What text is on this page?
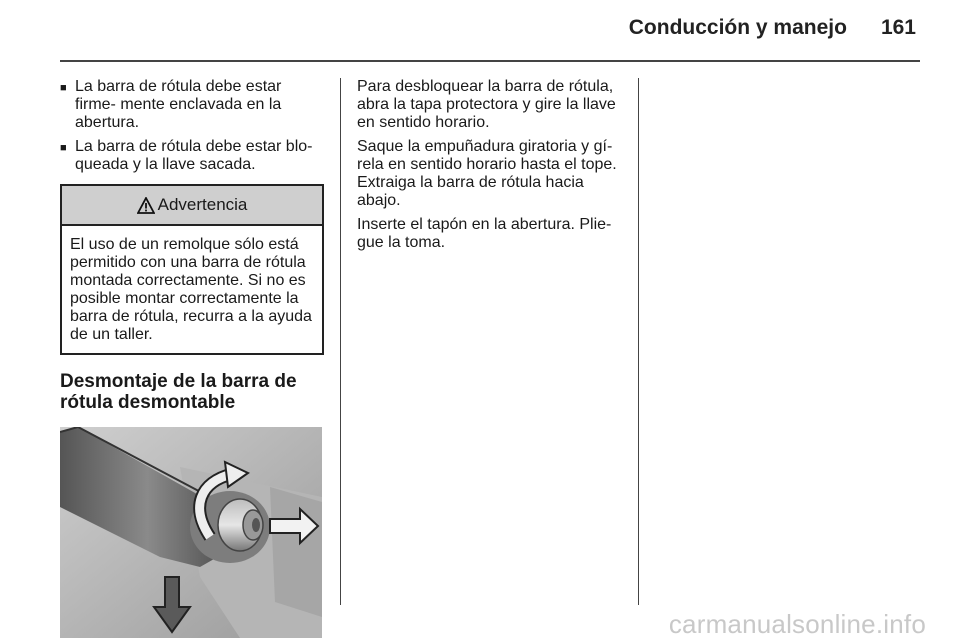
Conducción y manejo 161
■ La barra de rótula debe estar firme- mente enclavada en la abertura.
■ La barra de rótula debe estar blo- queada y la llave sacada.
Advertencia
El uso de un remolque sólo está permitido con una barra de rótula montada correctamente. Si no es posible montar correctamente la barra de rótula, recurra a la ayuda de un taller.
Desmontaje de la barra de rótula desmontable

Para desbloquear la barra de rótula, abra la tapa protectora y gire la llave en sentido horario.

Saque la empuñadura giratoria y gí- rela en sentido horario hasta el tope. Extraiga la barra de rótula hacia abajo.

Inserte el tapón en la abertura. Plie- gue la toma.

carmanualsonline.info
